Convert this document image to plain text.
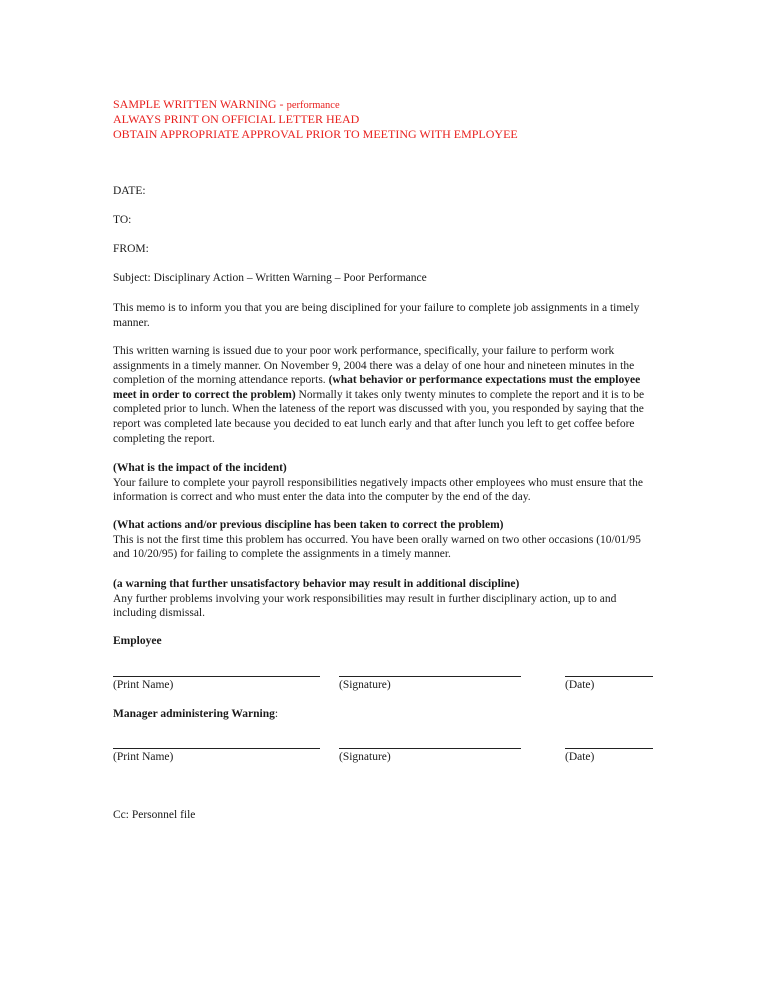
SAMPLE WRITTEN WARNING - performance
ALWAYS PRINT ON OFFICIAL LETTER HEAD
OBTAIN APPROPRIATE APPROVAL PRIOR TO MEETING WITH EMPLOYEE
DATE:
TO:
FROM:
Subject: Disciplinary Action – Written Warning – Poor Performance
This memo is to inform you that you are being disciplined for your failure to complete job assignments in a timely manner.
This written warning is issued due to your poor work performance, specifically, your failure to perform work assignments in a timely manner. On November 9, 2004 there was a delay of one hour and nineteen minutes in the completion of the morning attendance reports. (what behavior or performance expectations must the employee meet in order to correct the problem) Normally it takes only twenty minutes to complete the report and it is to be completed prior to lunch. When the lateness of the report was discussed with you, you responded by saying that the report was completed late because you decided to eat lunch early and that after lunch you left to get coffee before completing the report.
(What is the impact of the incident)
Your failure to complete your payroll responsibilities negatively impacts other employees who must ensure that the information is correct and who must enter the data into the computer by the end of the day.
(What actions and/or previous discipline has been taken to correct the problem)
This is not the first time this problem has occurred. You have been orally warned on two other occasions (10/01/95 and 10/20/95) for failing to complete the assignments in a timely manner.
(a warning that further unsatisfactory behavior may result in additional discipline)
Any further problems involving your work responsibilities may result in further disciplinary action, up to and including dismissal.
Employee
(Print Name)	(Signature)	(Date)
Manager administering Warning:
(Print Name)	(Signature)	(Date)
Cc: Personnel file
